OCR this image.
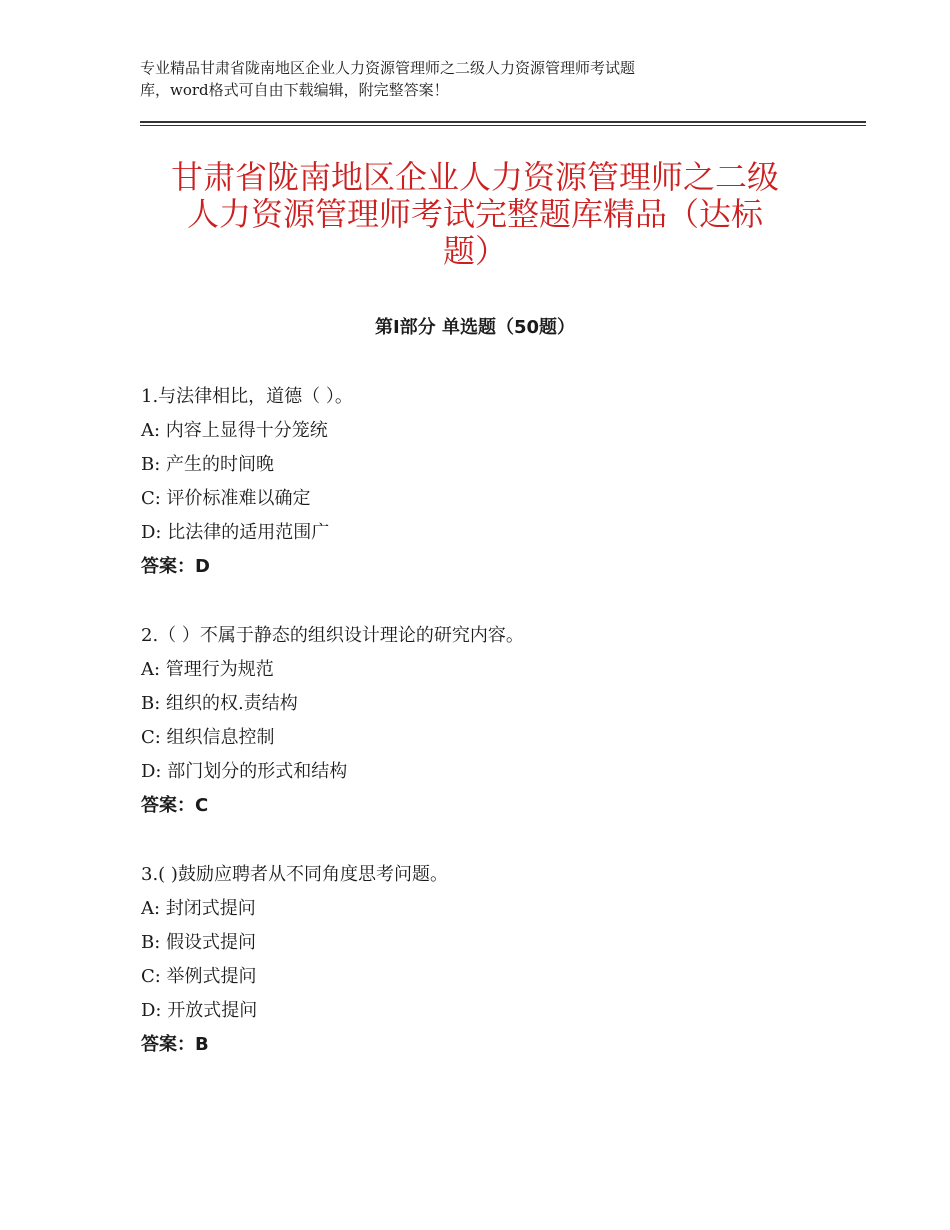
专业精品甘肃省陇南地区企业人力资源管理师之二级人力资源管理师考试题
库，word格式可自由下载编辑，附完整答案！
甘肃省陇南地区企业人力资源管理师之二级
人力资源管理师考试完整题库精品（达标
题）
第Ⅰ部分 单选题（50题）
1.与法律相比，道德（ ）。
A: 内容上显得十分笼统
B: 产生的时间晚
C: 评价标准难以确定
D: 比法律的适用范围广
答案：D
2.（ ）不属于静态的组织设计理论的研究内容。
A: 管理行为规范
B: 组织的权.责结构
C: 组织信息控制
D: 部门划分的形式和结构
答案：C
3.( )鼓励应聘者从不同角度思考问题。
A: 封闭式提问
B: 假设式提问
C: 举例式提问
D: 开放式提问
答案：B
